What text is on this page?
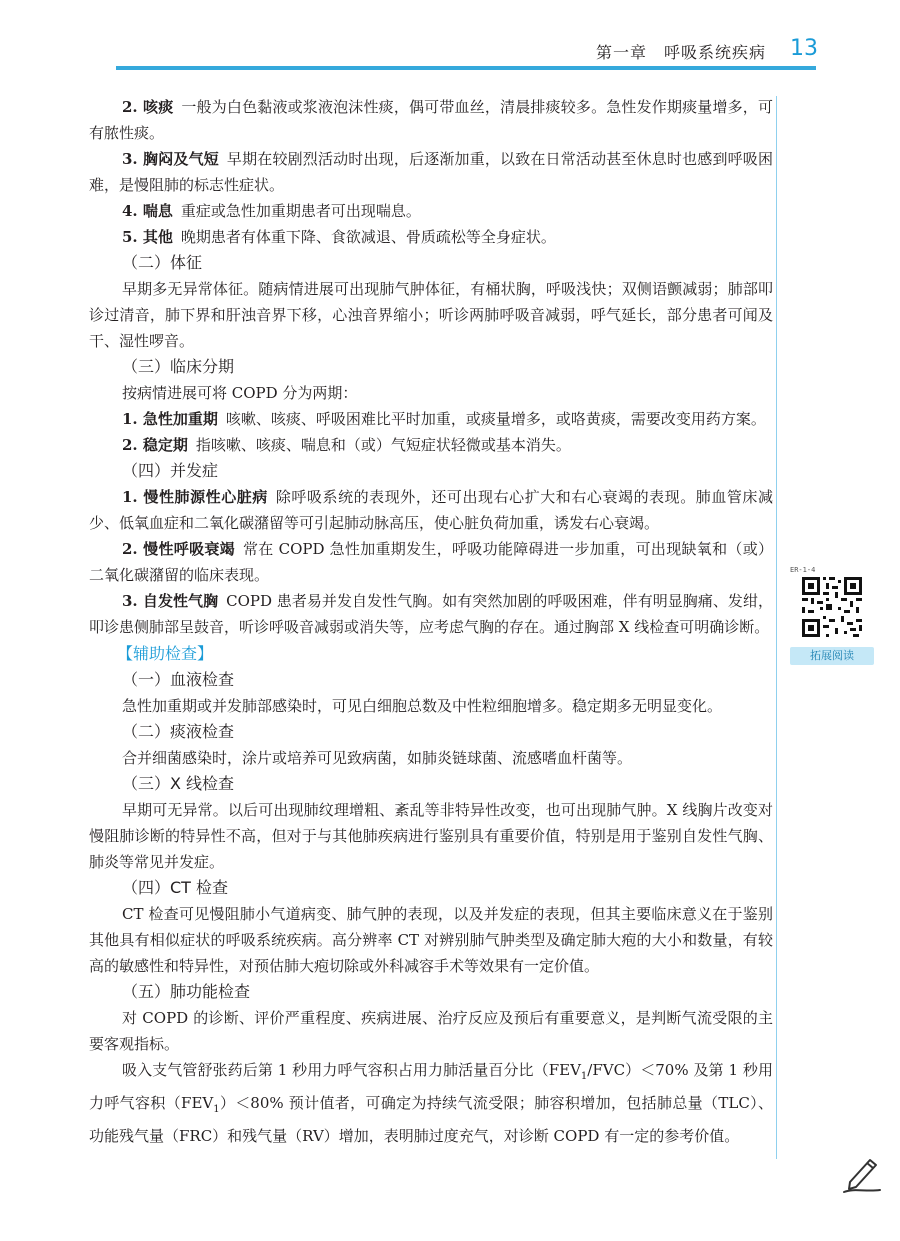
第一章　呼吸系统疾病 13

2. 咳痰 一般为白色黏液或浆液泡沫性痰，偶可带血丝，清晨排痰较多。急性发作期痰量增多，可有脓性痰。

3. 胸闷及气短 早期在较剧烈活动时出现，后逐渐加重，以致在日常活动甚至休息时也感到呼吸困难，是慢阻肺的标志性症状。

4. 喘息 重症或急性加重期患者可出现喘息。

5. 其他 晚期患者有体重下降、食欲减退、骨质疏松等全身症状。

（二）体征

早期多无异常体征。随病情进展可出现肺气肿体征，有桶状胸，呼吸浅快；双侧语颤减弱；肺部叩诊过清音，肺下界和肝浊音界下移，心浊音界缩小；听诊两肺呼吸音减弱，呼气延长，部分患者可闻及干、湿性啰音。

（三）临床分期

按病情进展可将 COPD 分为两期：

1. 急性加重期 咳嗽、咳痰、呼吸困难比平时加重，或痰量增多，或咯黄痰，需要改变用药方案。

2. 稳定期 指咳嗽、咳痰、喘息和（或）气短症状轻微或基本消失。

（四）并发症

1. 慢性肺源性心脏病 除呼吸系统的表现外，还可出现右心扩大和右心衰竭的表现。肺血管床减少、低氧血症和二氧化碳潴留等可引起肺动脉高压，使心脏负荷加重，诱发右心衰竭。

2. 慢性呼吸衰竭 常在 COPD 急性加重期发生，呼吸功能障碍进一步加重，可出现缺氧和（或）二氧化碳潴留的临床表现。

3. 自发性气胸 COPD 患者易并发自发性气胸。如有突然加剧的呼吸困难，伴有明显胸痛、发绀，叩诊患侧肺部呈鼓音，听诊呼吸音减弱或消失等，应考虑气胸的存在。通过胸部 X 线检查可明确诊断。

【辅助检查】
（一）血液检查

急性加重期或并发肺部感染时，可见白细胞总数及中性粒细胞增多。稳定期多无明显变化。

（二）痰液检查

合并细菌感染时，涂片或培养可见致病菌，如肺炎链球菌、流感嗜血杆菌等。

（三）X 线检查

早期可无异常。以后可出现肺纹理增粗、紊乱等非特异性改变，也可出现肺气肿。X 线胸片改变对慢阻肺诊断的特异性不高，但对于与其他肺疾病进行鉴别具有重要价值，特别是用于鉴别自发性气胸、肺炎等常见并发症。

（四）CT 检查

CT 检查可见慢阻肺小气道病变、肺气肿的表现，以及并发症的表现，但其主要临床意义在于鉴别其他具有相似症状的呼吸系统疾病。高分辨率 CT 对辨别肺气肿类型及确定肺大疱的大小和数量，有较高的敏感性和特异性，对预估肺大疱切除或外科减容手术等效果有一定价值。

（五）肺功能检查

对 COPD 的诊断、评价严重程度、疾病进展、治疗反应及预后有重要意义，是判断气流受限的主要客观指标。

吸入支气管舒张药后第 1 秒用力呼气容积占用力肺活量百分比$(FEV_1/FVC)<70\%$ 及第 1 秒用力呼气容积$(FEV_1)<80\%$ 预计值者，可确定为持续气流受限；肺容积增加，包括肺总量（TLC）、功能残气量（FRC）和残气量（RV）增加，表明肺过度充气，对诊断 COPD 有一定的参考价值。

ER-1-4
拓展阅读
